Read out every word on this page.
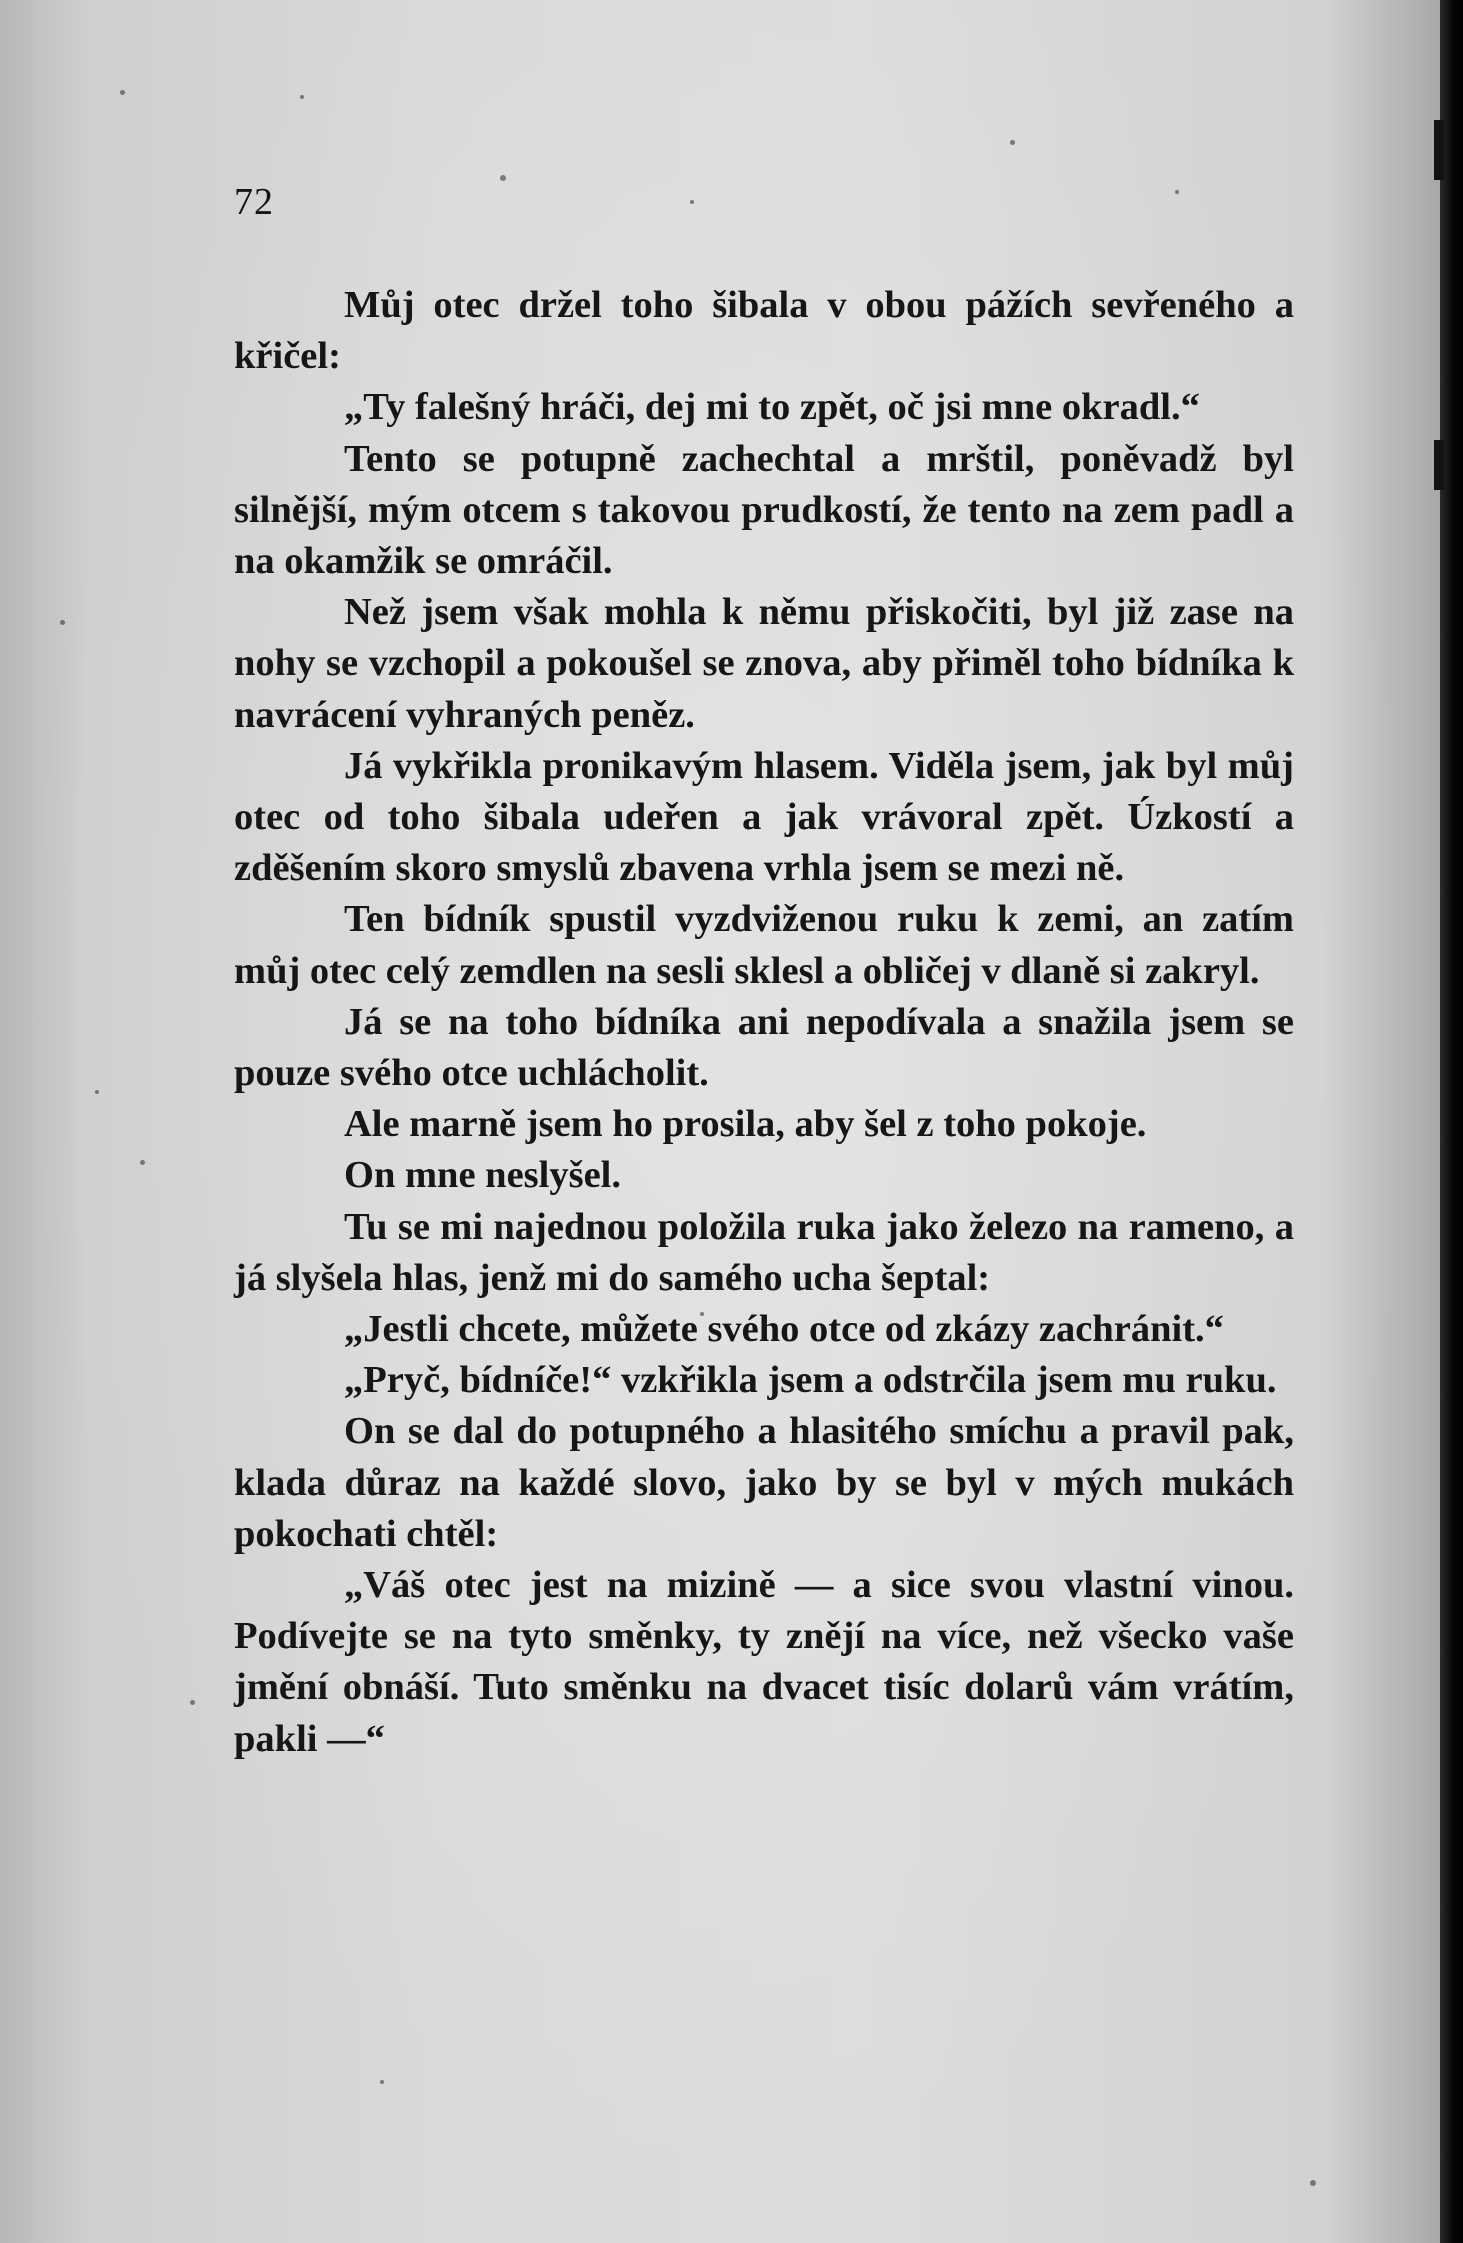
72

Můj otec držel toho šibala v obou pážích sevřeného a křičel:

„Ty falešný hráči, dej mi to zpět, oč jsi mne okradl.“

Tento se potupně zachechtal a mrštil, poněvadž byl silnější, mým otcem s takovou prudkostí, že tento na zem padl a na okamžik se omráčil.

Než jsem však mohla k němu přiskočiti, byl již zase na nohy se vzchopil a pokoušel se znova, aby přiměl toho bídníka k navrácení vyhraných peněz.

Já vykřikla pronikavým hlasem. Viděla jsem, jak byl můj otec od toho šibala udeřen a jak vrávoral zpět. Úzkostí a zděšením skoro smyslů zbavena vrhla jsem se mezi ně.

Ten bídník spustil vyzdviženou ruku k zemi, an zatím můj otec celý zemdlen na sesli sklesl a obličej v dlaně si zakryl.

Já se na toho bídníka ani nepodívala a snažila jsem se pouze svého otce uchlácholit.

Ale marně jsem ho prosila, aby šel z toho pokoje.

On mne neslyšel.

Tu se mi najednou položila ruka jako železo na rameno, a já slyšela hlas, jenž mi do samého ucha šeptal:

„Jestli chcete, můžete svého otce od zkázy zachránit.“

„Pryč, bídníče!“ vzkřikla jsem a odstrčila jsem mu ruku.

On se dal do potupného a hlasitého smíchu a pravil pak, klada důraz na každé slovo, jako by se byl v mých mukách pokochati chtěl:

„Váš otec jest na mizině — a sice svou vlastní vinou. Podívejte se na tyto směnky, ty znějí na více, než všecko vaše jmění obnáší. Tuto směnku na dvacet tisíc dolarů vám vrátím, pakli —“
